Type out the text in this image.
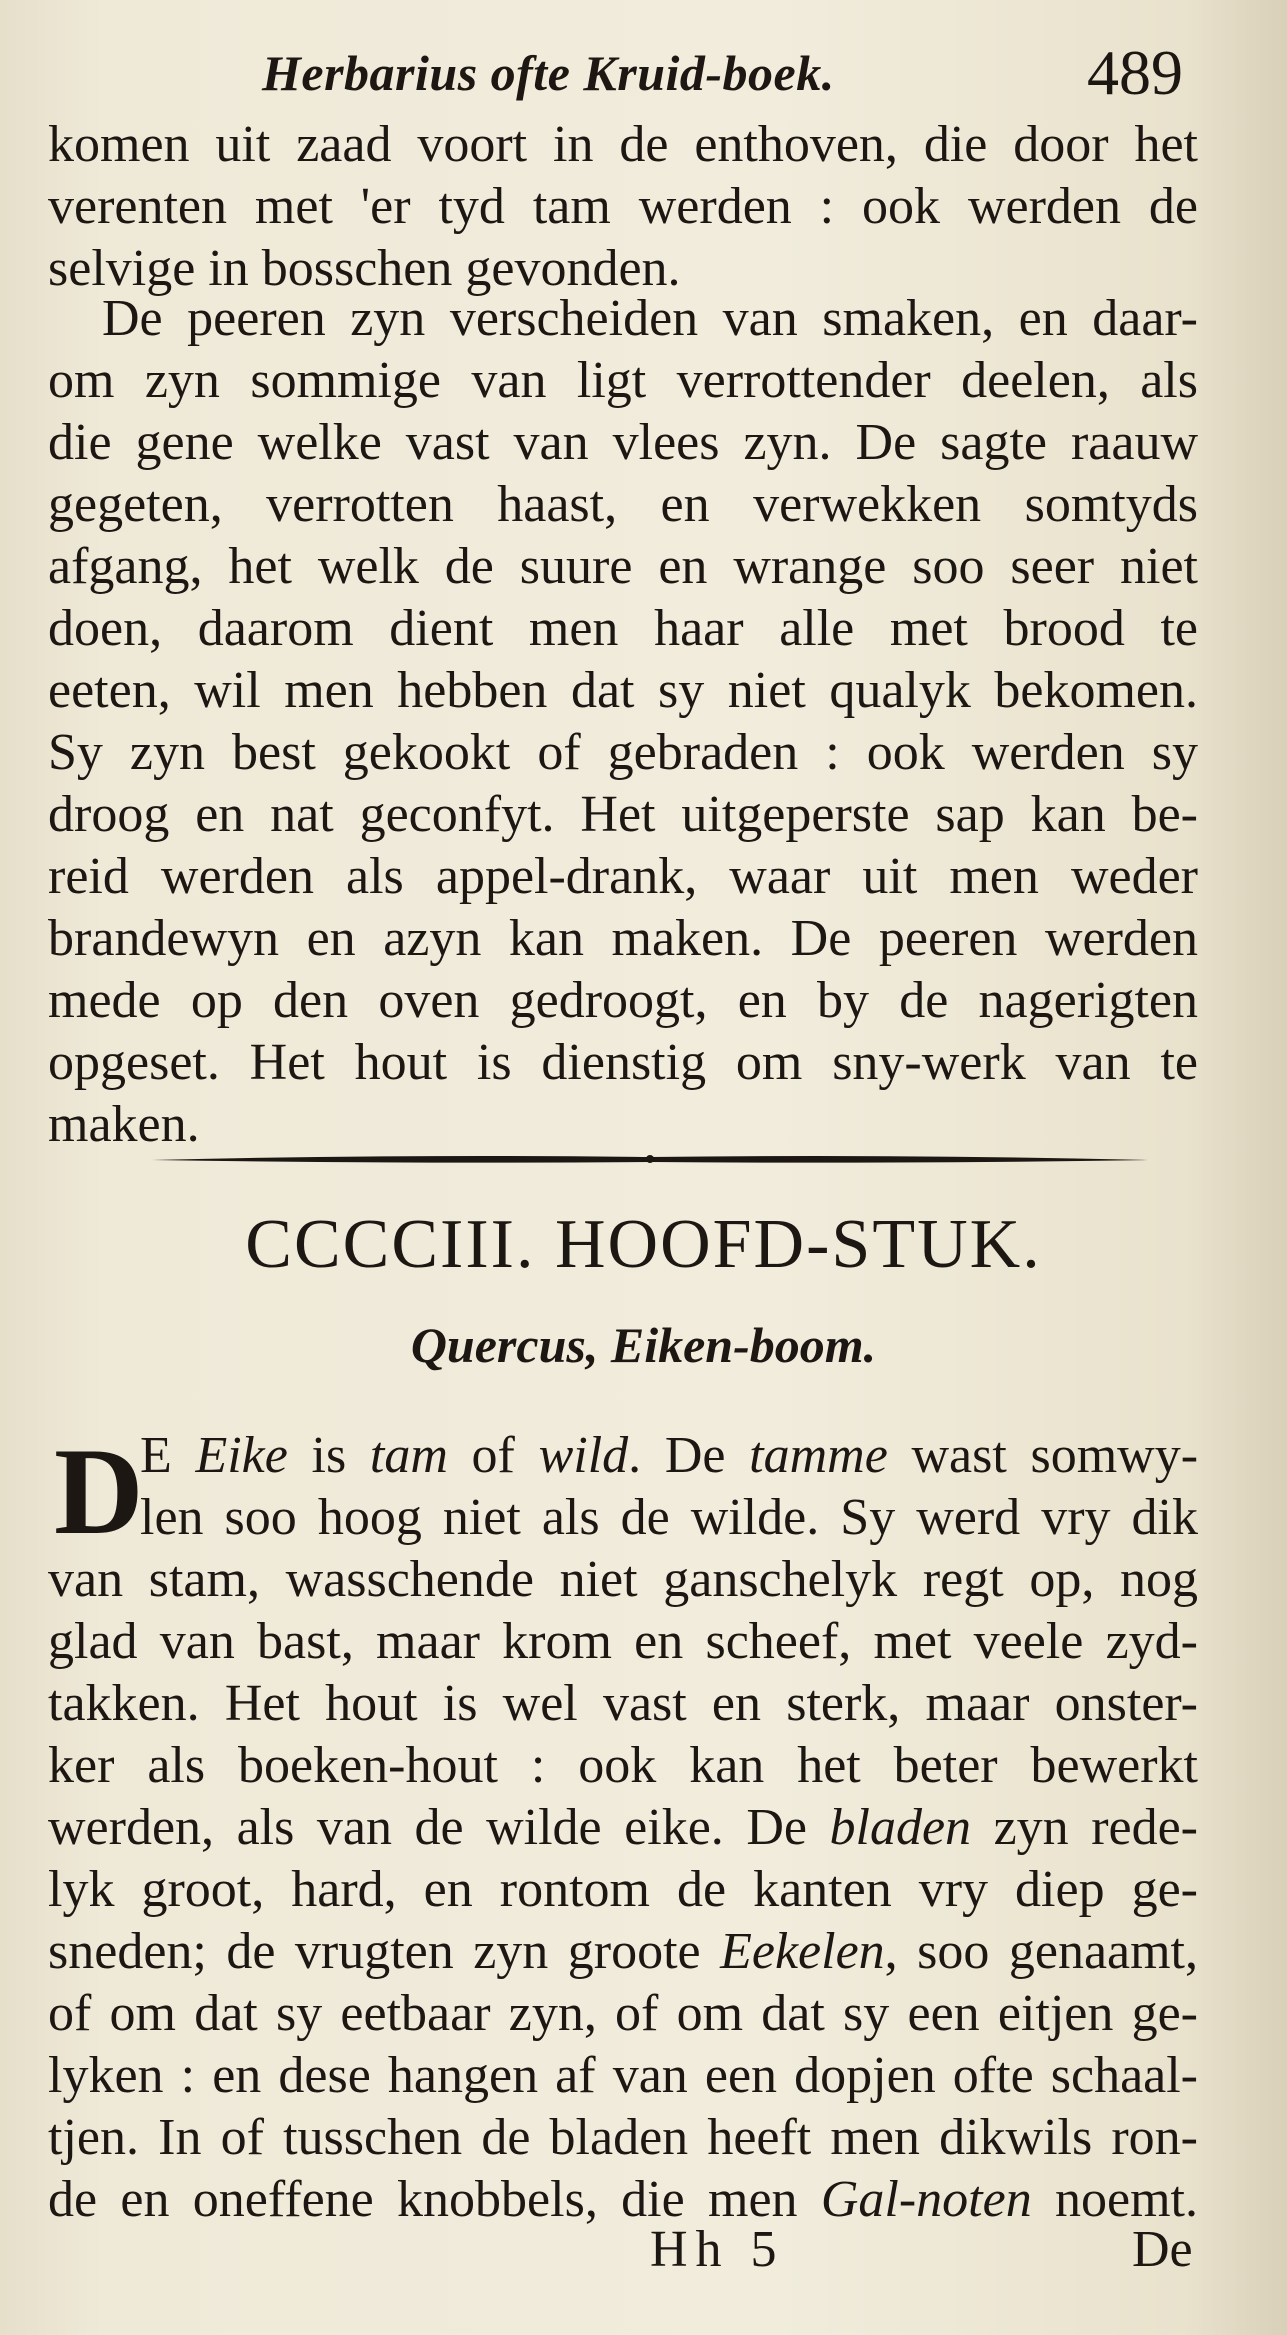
Herbarius ofte Kruid-boek.	489
komen uit zaad voort in de enthoven, die door het
verenten met 'er tyd tam werden : ook werden de
selvige in bosschen gevonden.
De peeren zyn verscheiden van smaken, en daar-
om zyn sommige van ligt verrottender deelen, als
die gene welke vast van vlees zyn. De sagte raauw
gegeten, verrotten haast, en verwekken somtyds
afgang, het welk de suure en wrange soo seer niet
doen, daarom dient men haar alle met brood te
eeten, wil men hebben dat sy niet qualyk bekomen.
Sy zyn best gekookt of gebraden : ook werden sy
droog en nat geconfyt. Het uitgeperste sap kan be-
reid werden als appel-drank, waar uit men weder
brandewyn en azyn kan maken. De peeren werden
mede op den oven gedroogt, en by de nagerigten
opgeset. Het hout is dienstig om sny-werk van te
maken.
CCCCIII. HOOFD-STUK.
Quercus, Eiken-boom.
D
E Eike is tam of wild. De tamme wast somwy-
len soo hoog niet als de wilde. Sy werd vry dik
van stam, wasschende niet ganschelyk regt op, nog
glad van bast, maar krom en scheef, met veele zyd-
takken. Het hout is wel vast en sterk, maar onster-
ker als boeken-hout : ook kan het beter bewerkt
werden, als van de wilde eike. De bladen zyn rede-
lyk groot, hard, en rontom de kanten vry diep ge-
sneden; de vrugten zyn groote Eekelen, soo genaamt,
of om dat sy eetbaar zyn, of om dat sy een eitjen ge-
lyken : en dese hangen af van een dopjen ofte schaal-
tjen. In of tusschen de bladen heeft men dikwils ron-
de en oneffene knobbels, die men Gal-noten noemt.
Hh 5	De
